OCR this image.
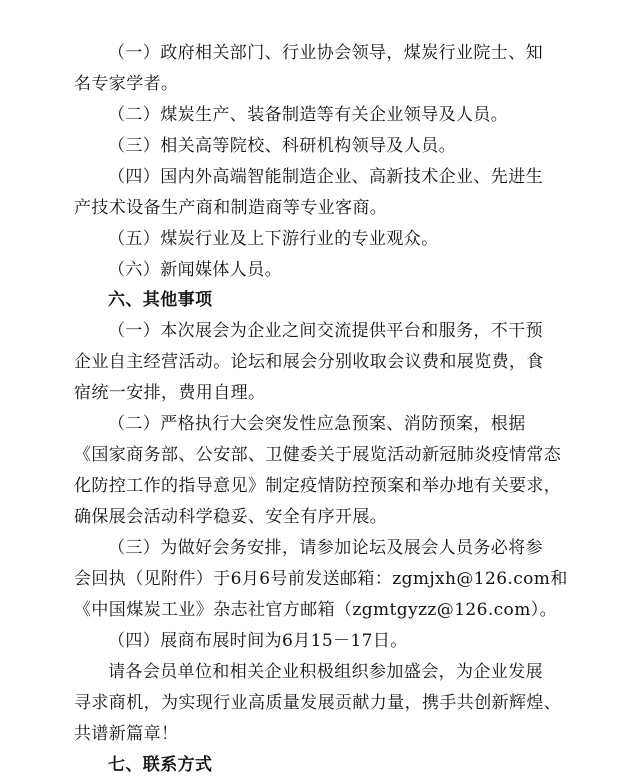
（一）政府相关部门、行业协会领导，煤炭行业院士、知
名专家学者。
（二）煤炭生产、装备制造等有关企业领导及人员。
（三）相关高等院校、科研机构领导及人员。
（四）国内外高端智能制造企业、高新技术企业、先进生
产技术设备生产商和制造商等专业客商。
（五）煤炭行业及上下游行业的专业观众。
（六）新闻媒体人员。
六、其他事项
（一）本次展会为企业之间交流提供平台和服务，不干预
企业自主经营活动。论坛和展会分别收取会议费和展览费，食
宿统一安排，费用自理。
（二）严格执行大会突发性应急预案、消防预案，根据
《国家商务部、公安部、卫健委关于展览活动新冠肺炎疫情常态
化防控工作的指导意见》制定疫情防控预案和举办地有关要求，
确保展会活动科学稳妥、安全有序开展。
（三）为做好会务安排，请参加论坛及展会人员务必将参
会回执（见附件）于6月6号前发送邮箱：zgmjxh@126.com和
《中国煤炭工业》杂志社官方邮箱（zgmtgyzz@126.com）。
（四）展商布展时间为6月15－17日。
请各会员单位和相关企业积极组织参加盛会，为企业发展
寻求商机，为实现行业高质量发展贡献力量，携手共创新辉煌、
共谱新篇章！
七、联系方式
